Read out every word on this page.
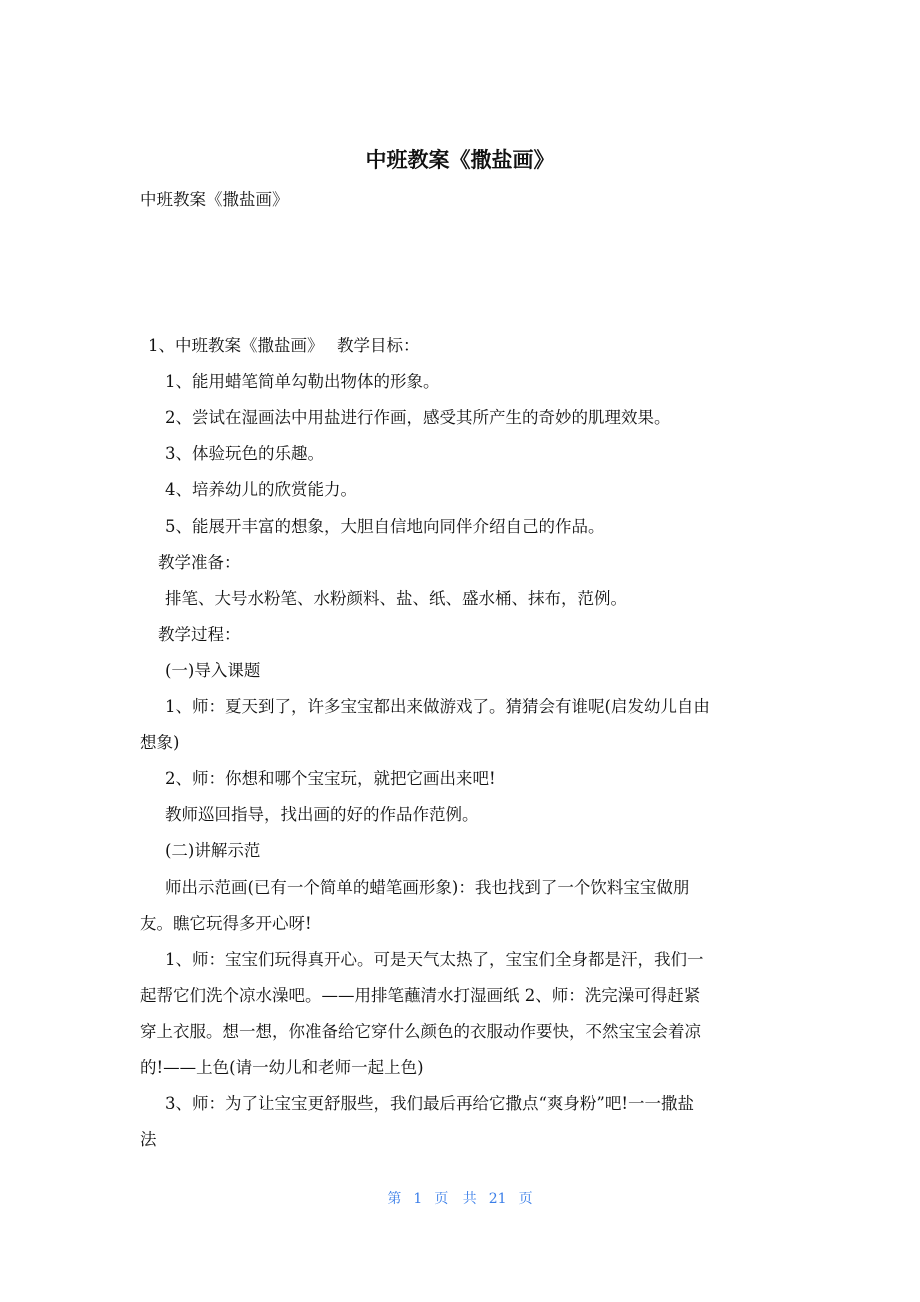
中班教案《撒盐画》
中班教案《撒盐画》
1、中班教案《撒盐画》　 教学目标：
1、能用蜡笔简单勾勒出物体的形象。
2、尝试在湿画法中用盐进行作画，感受其所产生的奇妙的肌理效果。
3、体验玩色的乐趣。
4、培养幼儿的欣赏能力。
5、能展开丰富的想象，大胆自信地向同伴介绍自己的作品。
教学准备：
排笔、大号水粉笔、水粉颜料、盐、纸、盛水桶、抹布，范例。
教学过程：
(一)导入课题
1、师：夏天到了，许多宝宝都出来做游戏了。猜猜会有谁呢(启发幼儿自由
想象)
2、师：你想和哪个宝宝玩，就把它画出来吧!
教师巡回指导，找出画的好的作品作范例。
(二)讲解示范
师出示范画(已有一个简单的蜡笔画形象)：我也找到了一个饮料宝宝做朋
友。瞧它玩得多开心呀!
1、师：宝宝们玩得真开心。可是天气太热了，宝宝们全身都是汗，我们一
起帮它们洗个凉水澡吧。——用排笔蘸清水打湿画纸 2、师：洗完澡可得赶紧
穿上衣服。想一想，你准备给它穿什么颜色的衣服动作要快，不然宝宝会着凉
的!——上色(请一幼儿和老师一起上色)
3、师：为了让宝宝更舒服些，我们最后再给它撒点“爽身粉”吧!一一撒盐
法
第 1 页 共 21 页
